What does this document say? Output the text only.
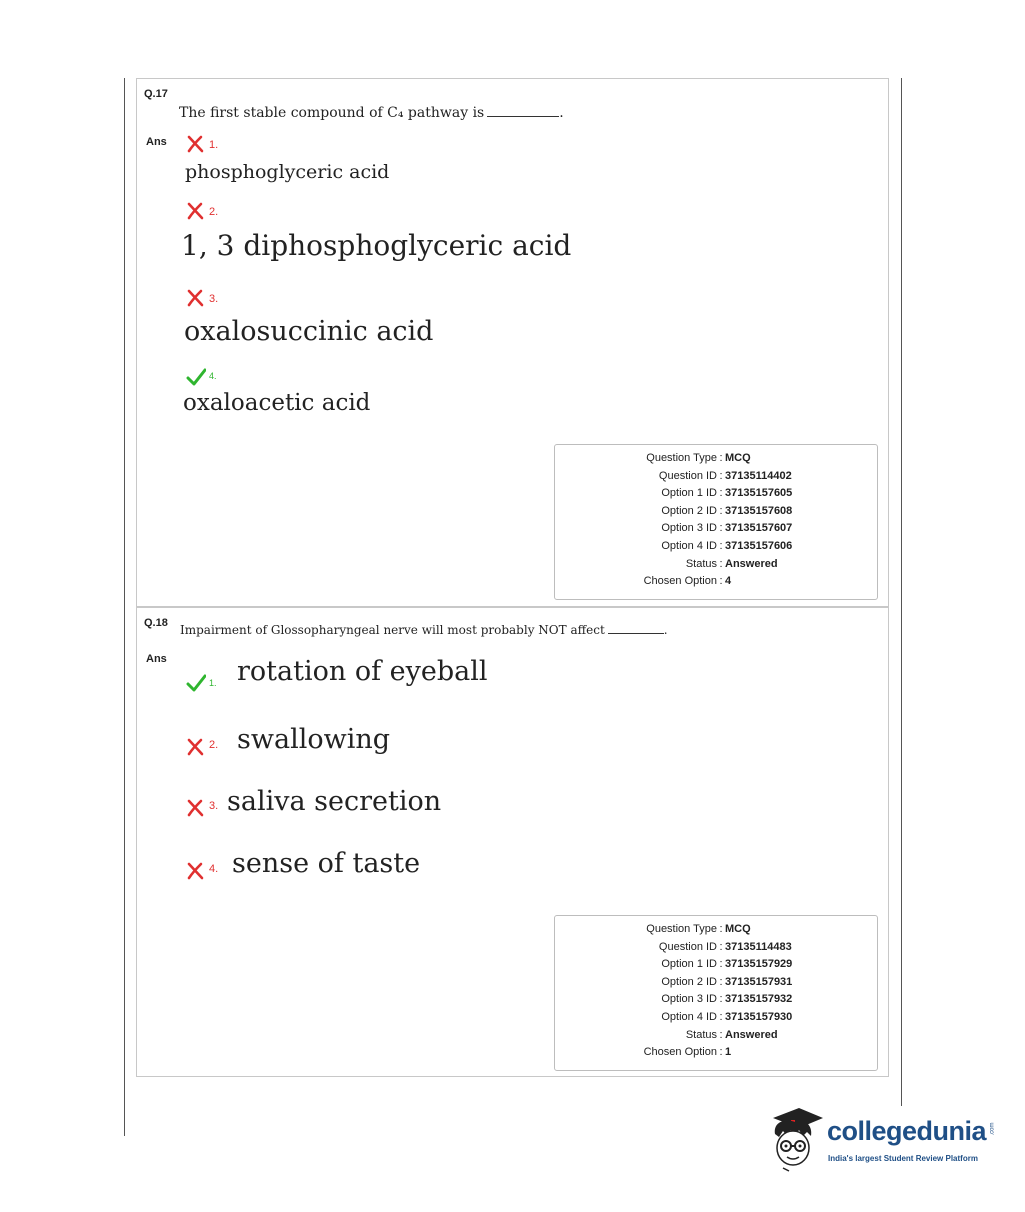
Q.17
The first stable compound of C₄ pathway is	.
Ans	1.
phosphoglyceric acid
2.
1, 3 diphosphoglyceric acid
3.
oxalosuccinic acid
4.
oxaloacetic acid
Question Type : MCQ
Question ID : 37135114402
Option 1 ID : 37135157605
Option 2 ID : 37135157608
Option 3 ID : 37135157607
Option 4 ID : 37135157606
Status : Answered
Chosen Option : 4
Q.18 Impairment of Glossopharyngeal nerve will most probably NOT affect	.
Ans
1. rotation of eyeball
2. swallowing
3. saliva secretion
4. sense of taste
Question Type : MCQ
Question ID : 37135114483
Option 1 ID : 37135157929
Option 2 ID : 37135157931
Option 3 ID : 37135157932
Option 4 ID : 37135157930
Status : Answered
Chosen Option : 1
collegedunia .com
India's largest Student Review Platform
